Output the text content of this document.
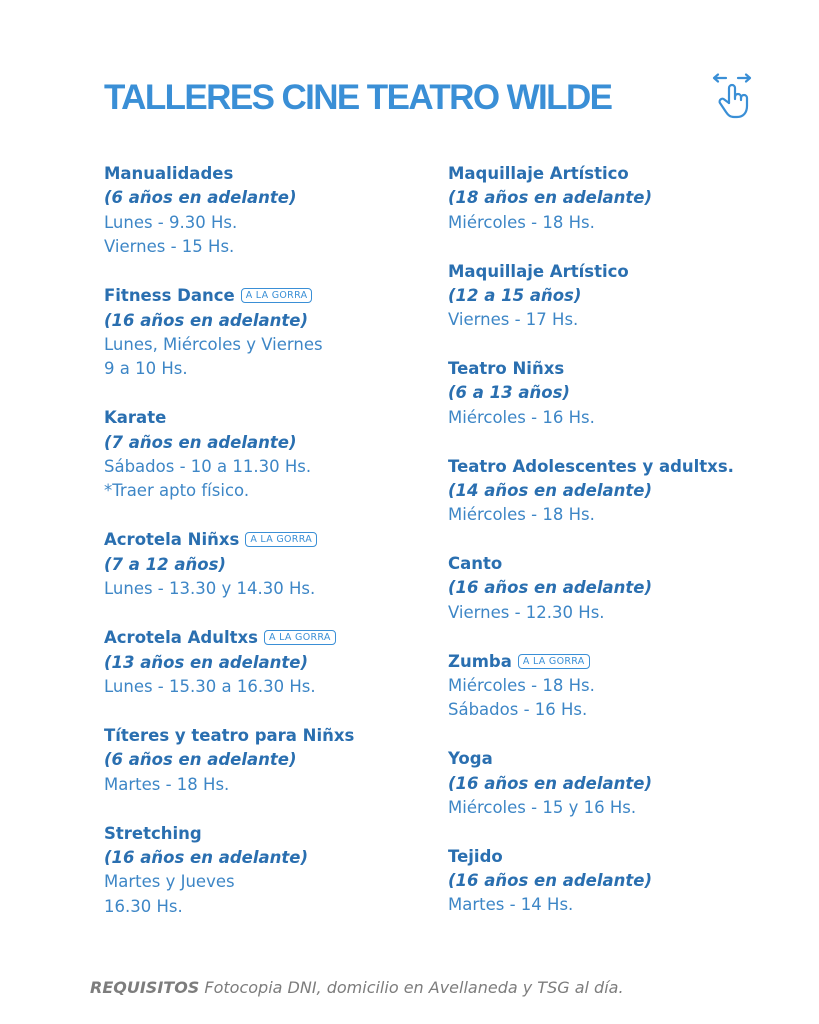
TALLERES CINE TEATRO WILDE
Manualidades
(6 años en adelante)
Lunes - 9.30 Hs.
Viernes - 15 Hs.
Fitness Dance A LA GORRA
(16 años en adelante)
Lunes, Miércoles y Viernes
9 a 10 Hs.
Karate
(7 años en adelante)
Sábados - 10 a 11.30 Hs.
*Traer apto físico.
Acrotela Niñxs A LA GORRA
(7 a 12 años)
Lunes - 13.30 y 14.30 Hs.
Acrotela Adultxs A LA GORRA
(13 años en adelante)
Lunes - 15.30 a 16.30 Hs.
Títeres y teatro para Niñxs
(6 años en adelante)
Martes - 18 Hs.
Stretching
(16 años en adelante)
Martes y Jueves
16.30 Hs.
Maquillaje Artístico
(18 años en adelante)
Miércoles - 18 Hs.
Maquillaje Artístico
(12 a 15 años)
Viernes - 17 Hs.
Teatro Niñxs
(6 a 13 años)
Miércoles - 16 Hs.
Teatro Adolescentes y adultxs.
(14 años en adelante)
Miércoles - 18 Hs.
Canto
(16 años en adelante)
Viernes - 12.30 Hs.
Zumba A LA GORRA
Miércoles - 18 Hs.
Sábados - 16 Hs.
Yoga
(16 años en adelante)
Miércoles - 15 y 16 Hs.
Tejido
(16 años en adelante)
Martes - 14 Hs.
REQUISITOS Fotocopia DNI, domicilio en Avellaneda y TSG al día.
